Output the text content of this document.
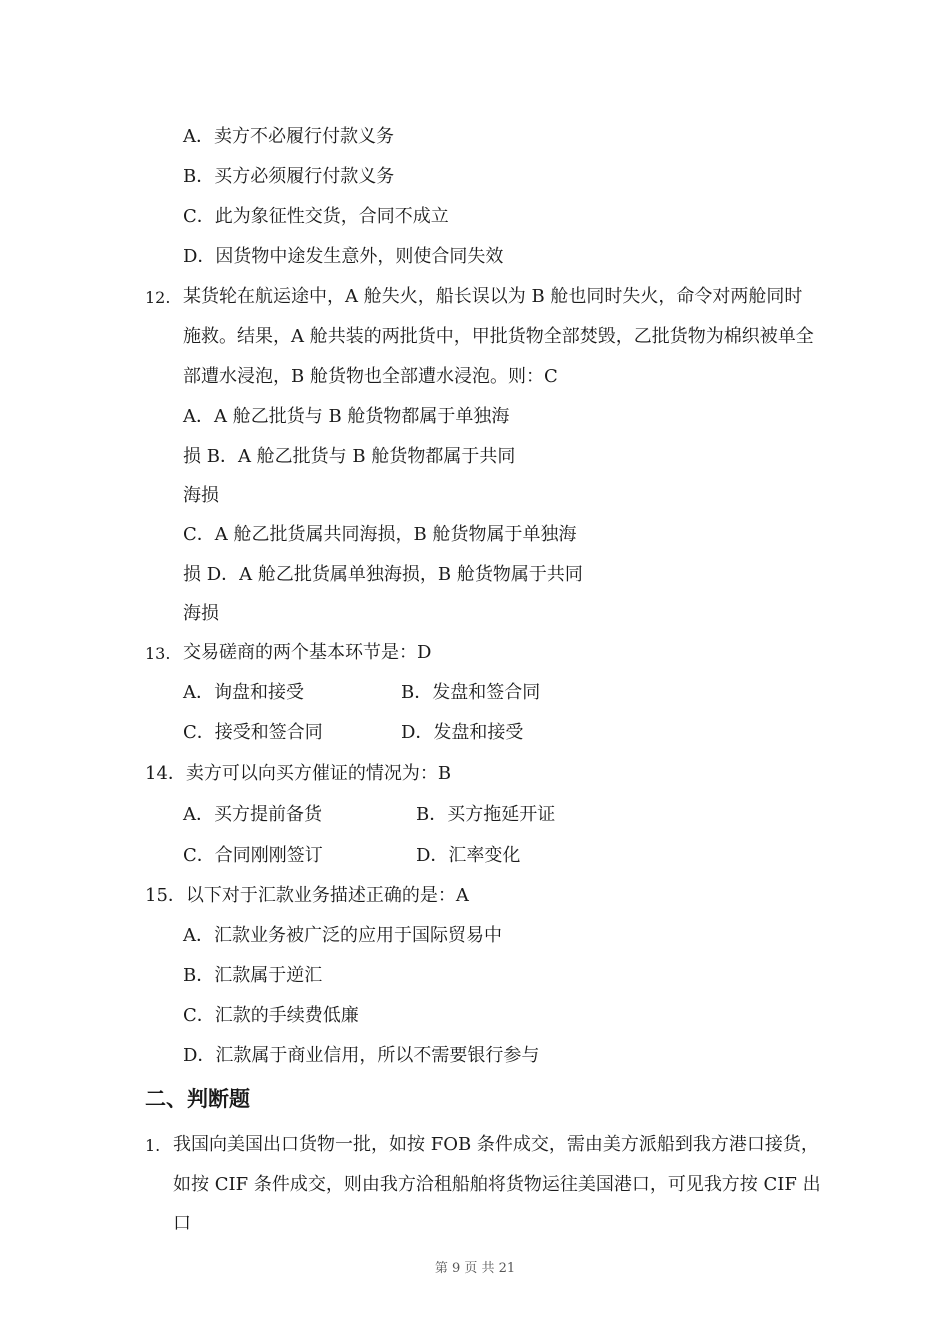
A．卖方不必履行付款义务
B．买方必须履行付款义务
C．此为象征性交货，合同不成立
D．因货物中途发生意外，则使合同失效
12. 某货轮在航运途中，A 舱失火，船长误以为 B 舱也同时失火，命令对两舱同时
施救。结果，A 舱共装的两批货中，甲批货物全部焚毁，乙批货物为棉织被单全
部遭水浸泡，B 舱货物也全部遭水浸泡。则：C
A．A 舱乙批货与 B 舱货物都属于单独海
损 B．A 舱乙批货与 B 舱货物都属于共同
海损
C．A 舱乙批货属共同海损，B 舱货物属于单独海
损 D．A 舱乙批货属单独海损，B 舱货物属于共同
海损
13. 交易磋商的两个基本环节是：D
A．询盘和接受	B．发盘和签合同
C．接受和签合同	D．发盘和接受
14．卖方可以向买方催证的情况为：B
A．买方提前备货	B．买方拖延开证
C．合同刚刚签订	D．汇率变化
15．以下对于汇款业务描述正确的是：A
A．汇款业务被广泛的应用于国际贸易中
B．汇款属于逆汇
C．汇款的手续费低廉
D．汇款属于商业信用，所以不需要银行参与
二、判断题
1. 我国向美国出口货物一批，如按 FOB 条件成交，需由美方派船到我方港口接货，
如按 CIF 条件成交，则由我方洽租船舶将货物运往美国港口，可见我方按 CIF 出
口
第 9 页 共 21
